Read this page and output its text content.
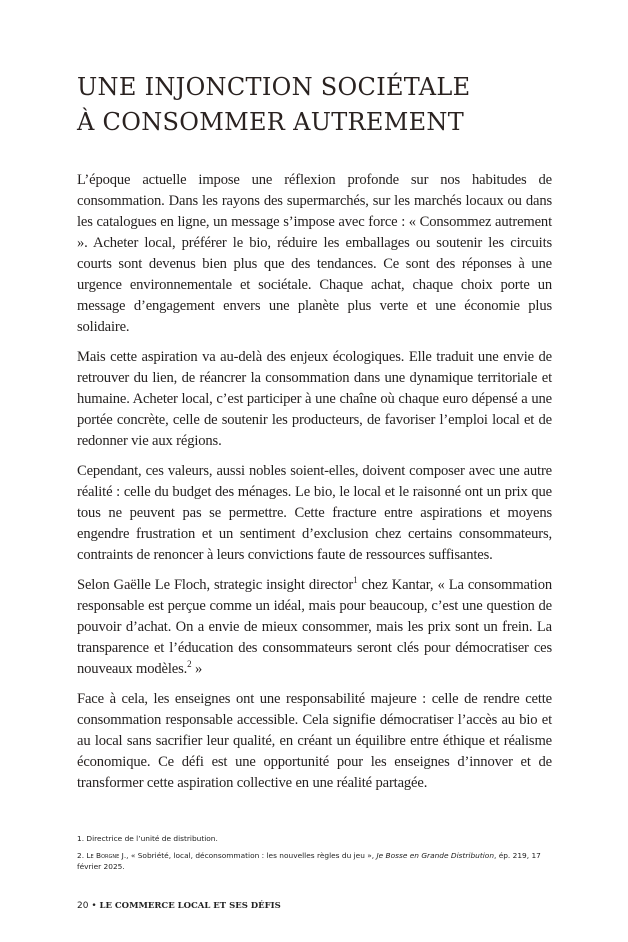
UNE INJONCTION SOCIÉTALE
À CONSOMMER AUTREMENT

L’époque actuelle impose une réflexion profonde sur nos habitudes de consommation. Dans les rayons des supermarchés, sur les marchés locaux ou dans les catalogues en ligne, un message s’impose avec force : « Consommez autrement ». Acheter local, préférer le bio, réduire les emballages ou soutenir les circuits courts sont devenus bien plus que des tendances. Ce sont des réponses à une urgence environnementale et sociétale. Chaque achat, chaque choix porte un message d’engagement envers une planète plus verte et une économie plus solidaire.

Mais cette aspiration va au-delà des enjeux écologiques. Elle traduit une envie de retrouver du lien, de réancrer la consommation dans une dynamique territoriale et humaine. Acheter local, c’est participer à une chaîne où chaque euro dépensé a une portée concrète, celle de soutenir les producteurs, de favoriser l’emploi local et de redonner vie aux régions.

Cependant, ces valeurs, aussi nobles soient-elles, doivent composer avec une autre réalité : celle du budget des ménages. Le bio, le local et le raisonné ont un prix que tous ne peuvent pas se permettre. Cette fracture entre aspirations et moyens engendre frustration et un sentiment d’exclusion chez certains consommateurs, contraints de renoncer à leurs convictions faute de ressources suffisantes.

Selon Gaëlle Le Floch, strategic insight director$^1$ chez Kantar, « La consommation responsable est perçue comme un idéal, mais pour beaucoup, c’est une question de pouvoir d’achat. On a envie de mieux consommer, mais les prix sont un frein. La transparence et l’éducation des consommateurs seront clés pour démocratiser ces nouveaux modèles.$^2$ »

Face à cela, les enseignes ont une responsabilité majeure : celle de rendre cette consommation responsable accessible. Cela signifie démocratiser l’accès au bio et au local sans sacrifier leur qualité, en créant un équilibre entre éthique et réalisme économique. Ce défi est une opportunité pour les enseignes d’innover et de transformer cette aspiration collective en une réalité partagée.

1. Directrice de l’unité de distribution.

2. Le Borgne J., « Sobriété, local, déconsommation : les nouvelles règles du jeu », Je Bosse en Grande Distribution, ép. 219, 17 février 2025.

20 • LE COMMERCE LOCAL ET SES DÉFIS
